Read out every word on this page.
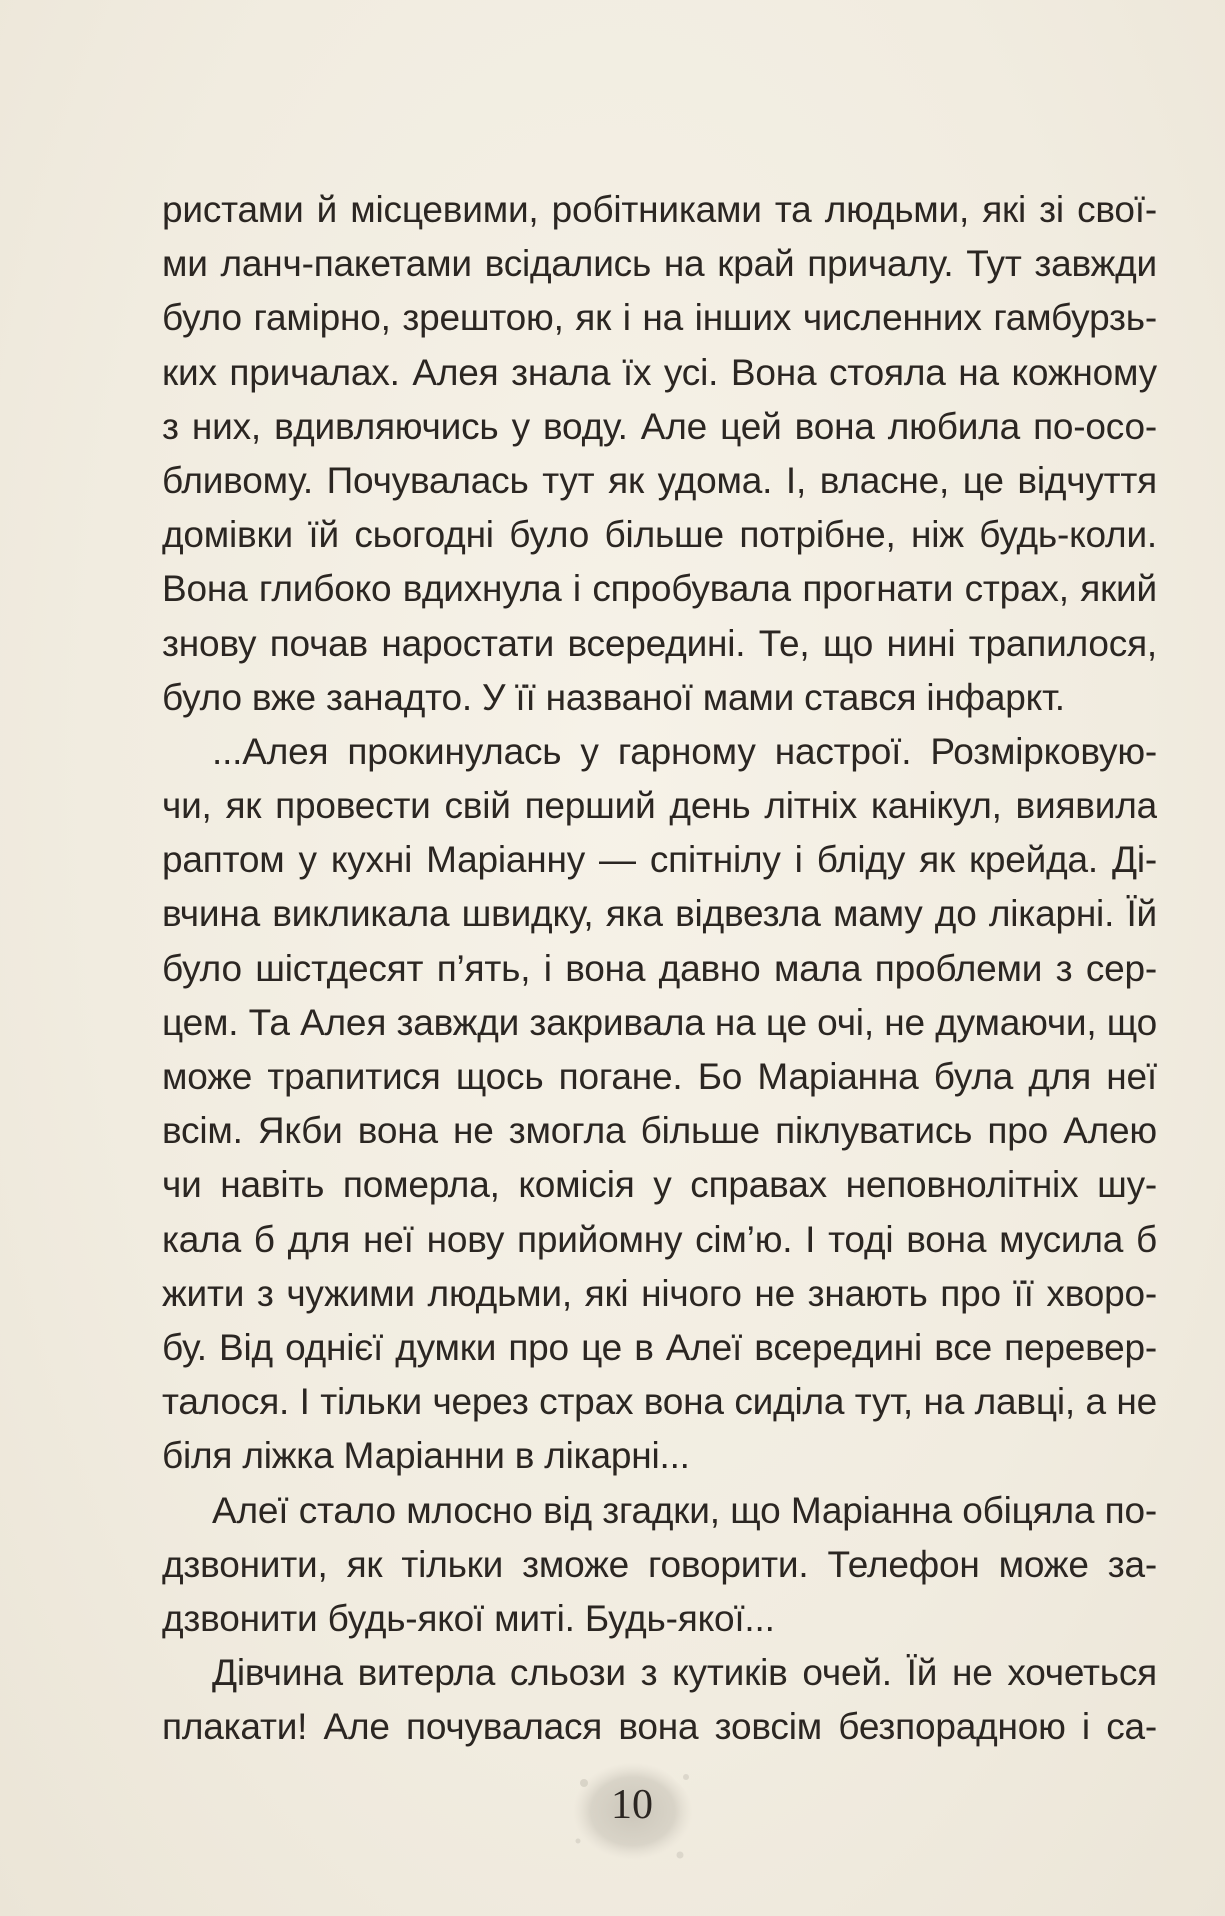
ристами й місцевими, робітниками та людьми, які зі свої-
ми ланч-пакетами всідались на край причалу. Тут завжди
було гамірно, зрештою, як і на інших численних гамбурзь-
ких причалах. Алея знала їх усі. Вона стояла на кожному
з них, вдивляючись у воду. Але цей вона любила по-осо-
бливому. Почувалась тут як удома. І, власне, це відчуття
домівки їй сьогодні було більше потрібне, ніж будь-коли.
Вона глибоко вдихнула і спробувала прогнати страх, який
знову почав наростати всередині. Те, що нині трапилося,
було вже занадто. У її названої мами стався інфаркт.
...Алея прокинулась у гарному настрої. Розмірковую-
чи, як провести свій перший день літніх канікул, виявила
раптом у кухні Маріанну — спітнілу і бліду як крейда. Ді-
вчина викликала швидку, яка відвезла маму до лікарні. Їй
було шістдесят п’ять, і вона давно мала проблеми з сер-
цем. Та Алея завжди закривала на це очі, не думаючи, що
може трапитися щось погане. Бо Маріанна була для неї
всім. Якби вона не змогла більше піклуватись про Алею
чи навіть померла, комісія у справах неповнолітніх шу-
кала б для неї нову прийомну сім’ю. І тоді вона мусила б
жити з чужими людьми, які нічого не знають про її хворо-
бу. Від однієї думки про це в Алеї всередині все перевер-
талося. І тільки через страх вона сиділа тут, на лавці, а не
біля ліжка Маріанни в лікарні...
Алеї стало млосно від згадки, що Маріанна обіцяла по-
дзвонити, як тільки зможе говорити. Телефон може за-
дзвонити будь-якої миті. Будь-якої...
Дівчина витерла сльози з кутиків очей. Їй не хочеться
плакати! Але почувалася вона зовсім безпорадною і са-
10
